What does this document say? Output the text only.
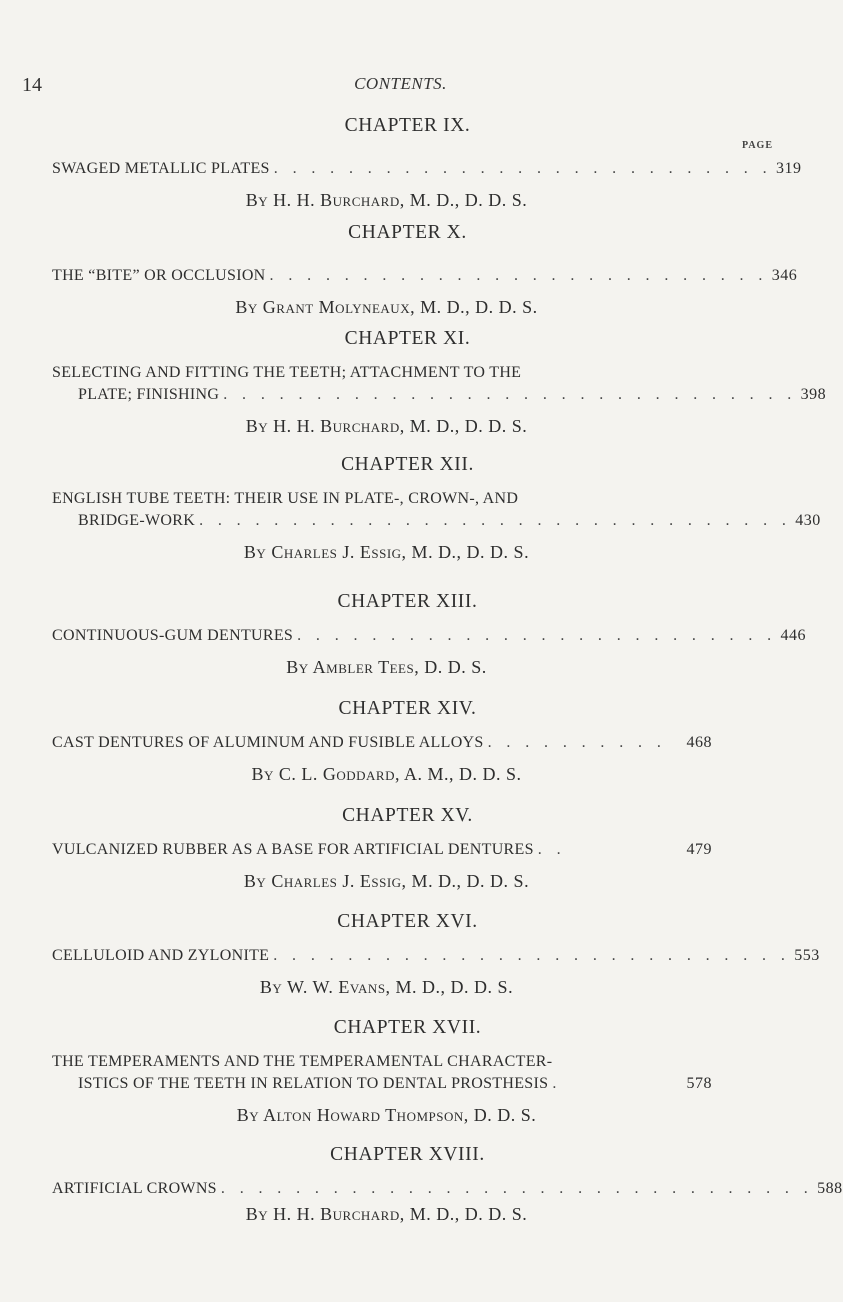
14	CONTENTS.
PAGE
CHAPTER IX.
SWAGED METALLIC PLATES . . . . . . . . . . . . . . . . . . . . . . . . . . . 319
By H. H. Burchard, M. D., D. D. S.
CHAPTER X.
THE “BITE” OR OCCLUSION . . . . . . . . . . . . . . . . . . . . . . . . . . . 346
By Grant Molyneaux, M. D., D. D. S.
CHAPTER XI.
SELECTING AND FITTING THE TEETH; ATTACHMENT TO THE
PLATE; FINISHING . . . . . . . . . . . . . . . . . . . . . . . . . . . . . . . 398
By H. H. Burchard, M. D., D. D. S.
CHAPTER XII.
ENGLISH TUBE TEETH: THEIR USE IN PLATE-, CROWN-, AND
BRIDGE-WORK . . . . . . . . . . . . . . . . . . . . . . . . . . . . . . . . 430
By Charles J. Essig, M. D., D. D. S.
CHAPTER XIII.
CONTINUOUS-GUM DENTURES . . . . . . . . . . . . . . . . . . . . . . . . . . 446
By Ambler Tees, D. D. S.
CHAPTER XIV.
CAST DENTURES OF ALUMINUM AND FUSIBLE ALLOYS . . . . . . . . . .	468
By C. L. Goddard, A. M., D. D. S.
CHAPTER XV.
VULCANIZED RUBBER AS A BASE FOR ARTIFICIAL DENTURES . .	479
By Charles J. Essig, M. D., D. D. S.
CHAPTER XVI.
CELLULOID AND ZYLONITE . . . . . . . . . . . . . . . . . . . . . . . . . . . . 553
By W. W. Evans, M. D., D. D. S.
CHAPTER XVII.
THE TEMPERAMENTS AND THE TEMPERAMENTAL CHARACTER-
ISTICS OF THE TEETH IN RELATION TO DENTAL PROSTHESIS .	578
By Alton Howard Thompson, D. D. S.
CHAPTER XVIII.
ARTIFICIAL CROWNS . . . . . . . . . . . . . . . . . . . . . . . . . . . . . . . . 588
By H. H. Burchard, M. D., D. D. S.
